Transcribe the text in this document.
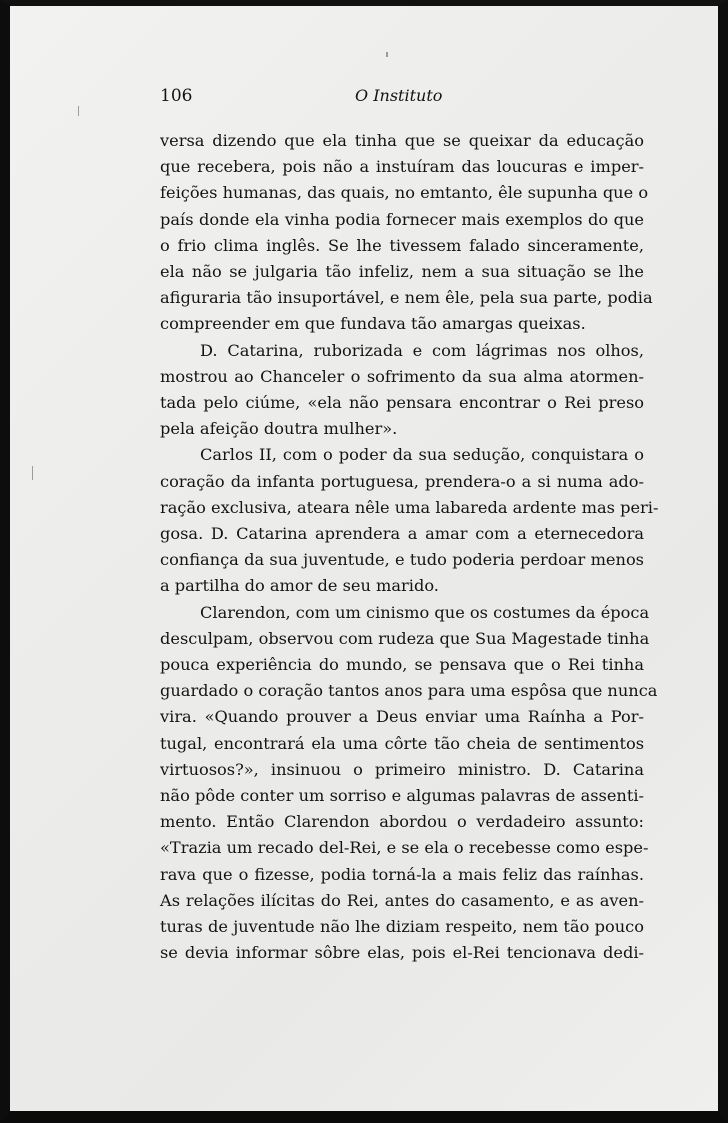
106	O Instituto

versa dizendo que ela tinha que se queixar da educação
que recebera, pois não a instuíram das loucuras e imper-
feições humanas, das quais, no emtanto, êle supunha que o
país donde ela vinha podia fornecer mais exemplos do que
o frio clima inglês. Se lhe tivessem falado sinceramente,
ela não se julgaria tão infeliz, nem a sua situação se lhe
afiguraria tão insuportável, e nem êle, pela sua parte, podia
compreender em que fundava tão amargas queixas.

D. Catarina, ruborizada e com lágrimas nos olhos,
mostrou ao Chanceler o sofrimento da sua alma atormen-
tada pelo ciúme, «ela não pensara encontrar o Rei preso
pela afeição doutra mulher».

Carlos II, com o poder da sua sedução, conquistara o
coração da infanta portuguesa, prendera-o a si numa ado-
ração exclusiva, ateara nêle uma labareda ardente mas peri-
gosa. D. Catarina aprendera a amar com a eternecedora
confiança da sua juventude, e tudo poderia perdoar menos
a partilha do amor de seu marido.

Clarendon, com um cinismo que os costumes da época
desculpam, observou com rudeza que Sua Magestade tinha
pouca experiência do mundo, se pensava que o Rei tinha
guardado o coração tantos anos para uma espôsa que nunca
vira. «Quando prouver a Deus enviar uma Raínha a Por-
tugal, encontrará ela uma côrte tão cheia de sentimentos
virtuosos?», insinuou o primeiro ministro. D. Catarina
não pôde conter um sorriso e algumas palavras de assenti-
mento. Então Clarendon abordou o verdadeiro assunto:
«Trazia um recado del-Rei, e se ela o recebesse como espe-
rava que o fizesse, podia torná-la a mais feliz das raínhas.
As relações ilícitas do Rei, antes do casamento, e as aven-
turas de juventude não lhe diziam respeito, nem tão pouco
se devia informar sôbre elas, pois el-Rei tencionava dedi-
